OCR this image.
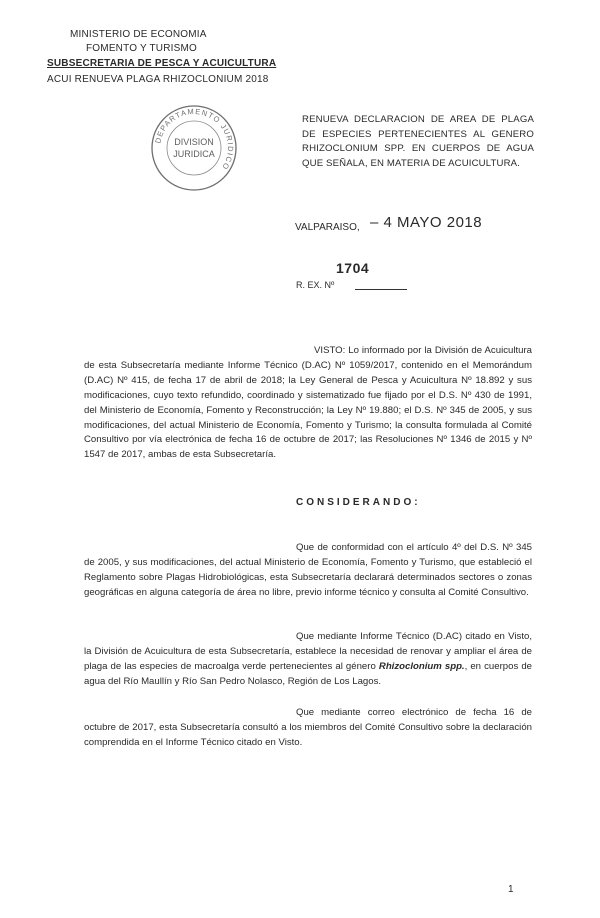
MINISTERIO DE ECONOMIA
FOMENTO Y TURISMO
SUBSECRETARIA DE PESCA Y ACUICULTURA
ACUI RENUEVA PLAGA RHIZOCLONIUM 2018
DEPARTAMENTO JURIDICO
DIVISION
JURIDICA
RENUEVA DECLARACION DE AREA DE PLAGA DE ESPECIES PERTENECIENTES AL GENERO RHIZOCLONIUM SPP. EN CUERPOS DE AGUA QUE SEÑALA, EN MATERIA DE ACUICULTURA.
VALPARAISO, – 4 MAYO 2018
1704
R. EX. Nº
VISTO: Lo informado por la División de Acuicultura de esta Subsecretaría mediante Informe Técnico (D.AC) Nº 1059/2017, contenido en el Memorándum (D.AC) Nº 415, de fecha 17 de abril de 2018; la Ley General de Pesca y Acuicultura Nº 18.892 y sus modificaciones, cuyo texto refundido, coordinado y sistematizado fue fijado por el D.S. Nº 430 de 1991, del Ministerio de Economía, Fomento y Reconstrucción; la Ley Nº 19.880; el D.S. Nº 345 de 2005, y sus modificaciones, del actual Ministerio de Economía, Fomento y Turismo; la consulta formulada al Comité Consultivo por vía electrónica de fecha 16 de octubre de 2017; las Resoluciones Nº 1346 de 2015 y Nº 1547 de 2017, ambas de esta Subsecretaría.
CONSIDERANDO:
Que de conformidad con el artículo 4º del D.S. Nº 345 de 2005, y sus modificaciones, del actual Ministerio de Economía, Fomento y Turismo, que estableció el Reglamento sobre Plagas Hidrobiológicas, esta Subsecretaría declarará determinados sectores o zonas geográficas en alguna categoría de área no libre, previo informe técnico y consulta al Comité Consultivo.
Que mediante Informe Técnico (D.AC) citado en Visto, la División de Acuicultura de esta Subsecretaría, establece la necesidad de renovar y ampliar el área de plaga de las especies de macroalga verde pertenecientes al género Rhizoclonium spp., en cuerpos de agua del Río Maullín y Río San Pedro Nolasco, Región de Los Lagos.
Que mediante correo electrónico de fecha 16 de octubre de 2017, esta Subsecretaría consultó a los miembros del Comité Consultivo sobre la declaración comprendida en el Informe Técnico citado en Visto.
1
